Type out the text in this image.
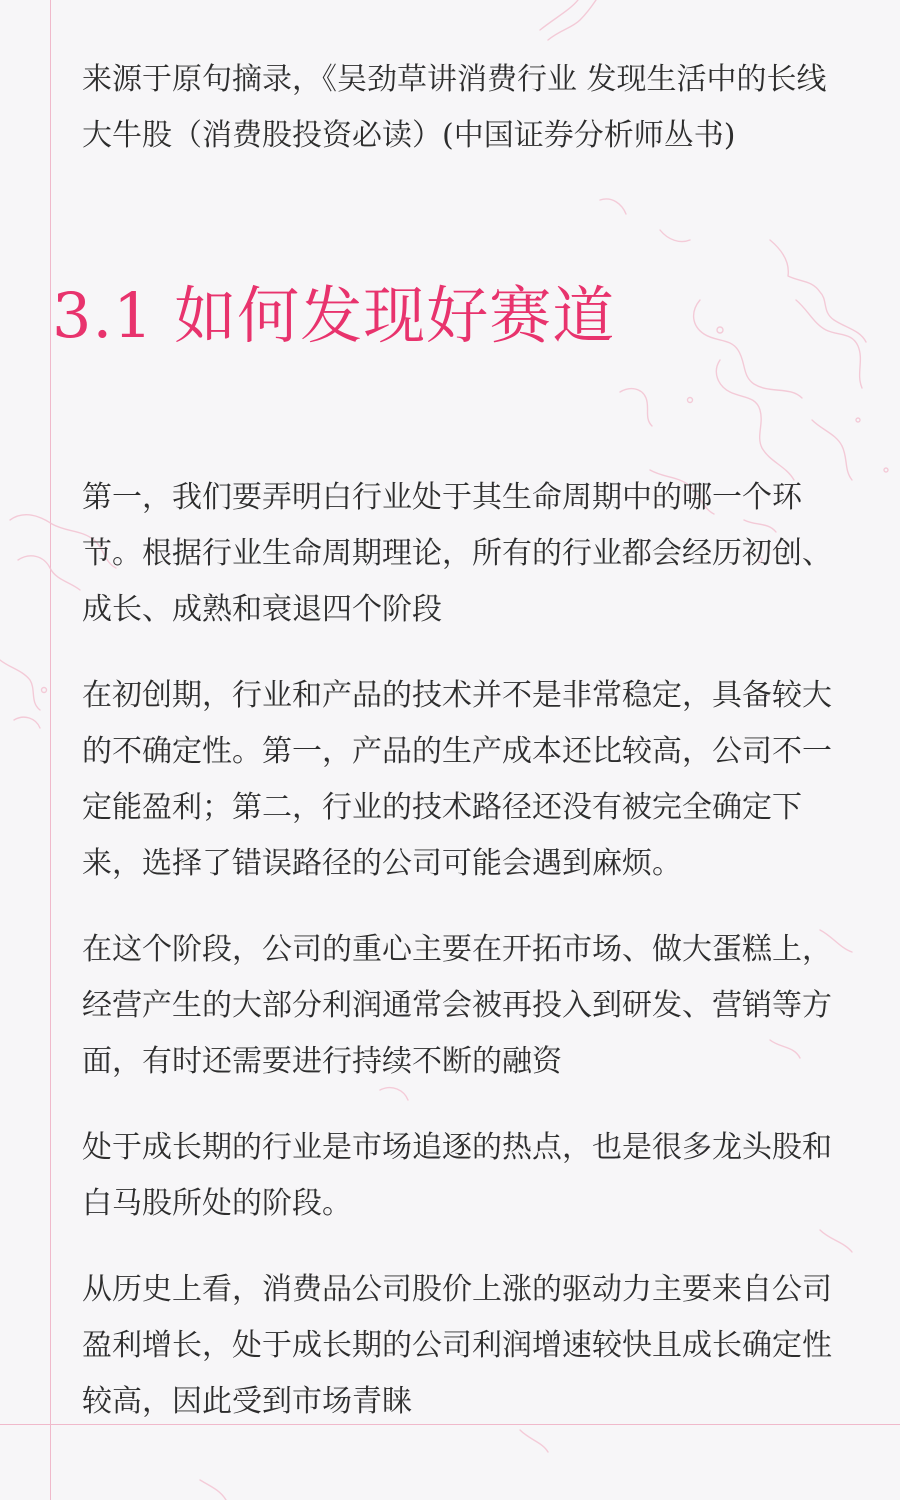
来源于原句摘录，《吴劲草讲消费行业 发现生活中的长线大牛股（消费股投资必读）(中国证券分析师丛书)

3.1 如何发现好赛道

第一，我们要弄明白行业处于其生命周期中的哪一个环节。根据行业生命周期理论，所有的行业都会经历初创、成长、成熟和衰退四个阶段

在初创期，行业和产品的技术并不是非常稳定，具备较大的不确定性。第一，产品的生产成本还比较高，公司不一定能盈利；第二，行业的技术路径还没有被完全确定下来，选择了错误路径的公司可能会遇到麻烦。

在这个阶段，公司的重心主要在开拓市场、做大蛋糕上，经营产生的大部分利润通常会被再投入到研发、营销等方面，有时还需要进行持续不断的融资

处于成长期的行业是市场追逐的热点，也是很多龙头股和白马股所处的阶段。

从历史上看，消费品公司股价上涨的驱动力主要来自公司盈利增长，处于成长期的公司利润增速较快且成长确定性较高，因此受到市场青睐
